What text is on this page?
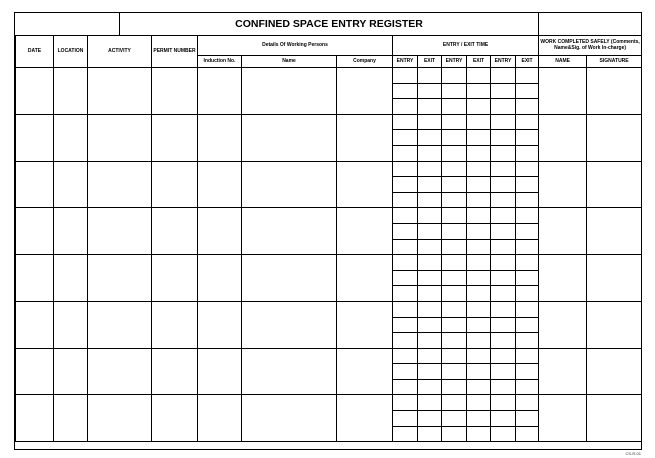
CONFINED SPACE ENTRY REGISTER
DATE	LOCATION	ACTIVITY	PERMIT NUMBER	Details Of Working Persons			ENTRY / EXIT TIME						WORK COMPLETED SAFELY (Comments, Name&Sig. of Work In-charge)	
				Induction No.	Name	Company	ENTRY	EXIT	ENTRY	EXIT	ENTRY	EXIT	NAME	SIGNATURE

CS-R-01
